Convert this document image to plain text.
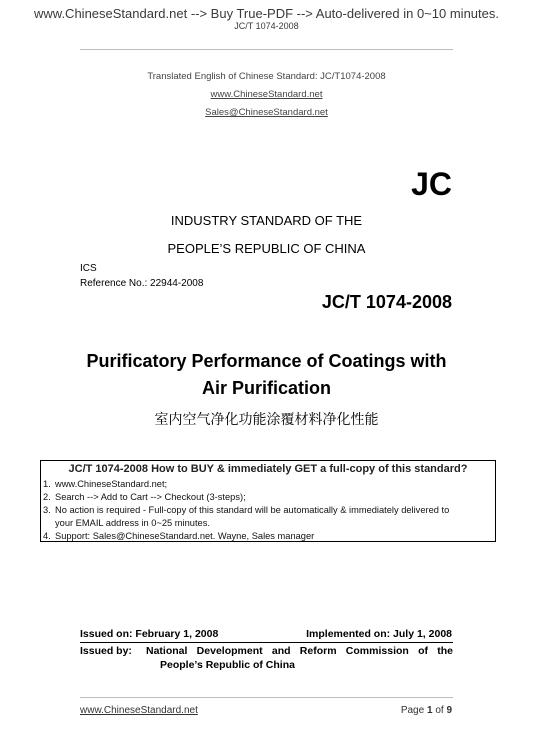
www.ChineseStandard.net --> Buy True-PDF --> Auto-delivered in 0~10 minutes.
JC/T 1074-2008
Translated English of Chinese Standard: JC/T1074-2008
www.ChineseStandard.net
Sales@ChineseStandard.net
JC
INDUSTRY STANDARD OF THE
PEOPLE’S REPUBLIC OF CHINA
ICS
Reference No.: 22944-2008
JC/T 1074-2008
Purificatory Performance of Coatings with
Air Purification
室内空气净化功能涂覆材料净化性能
JC/T 1074-2008 How to BUY & immediately GET a full-copy of this standard?
1. www.ChineseStandard.net;
2. Search --> Add to Cart --> Checkout (3-steps);
3. No action is required - Full-copy of this standard will be automatically & immediately delivered to
your EMAIL address in 0~25 minutes.
4. Support: Sales@ChineseStandard.net. Wayne, Sales manager
Issued on: February 1, 2008	Implemented on: July 1, 2008
Issued by: National Development and Reform Commission of the
People’s Republic of China
www.ChineseStandard.net	Page 1 of 9
